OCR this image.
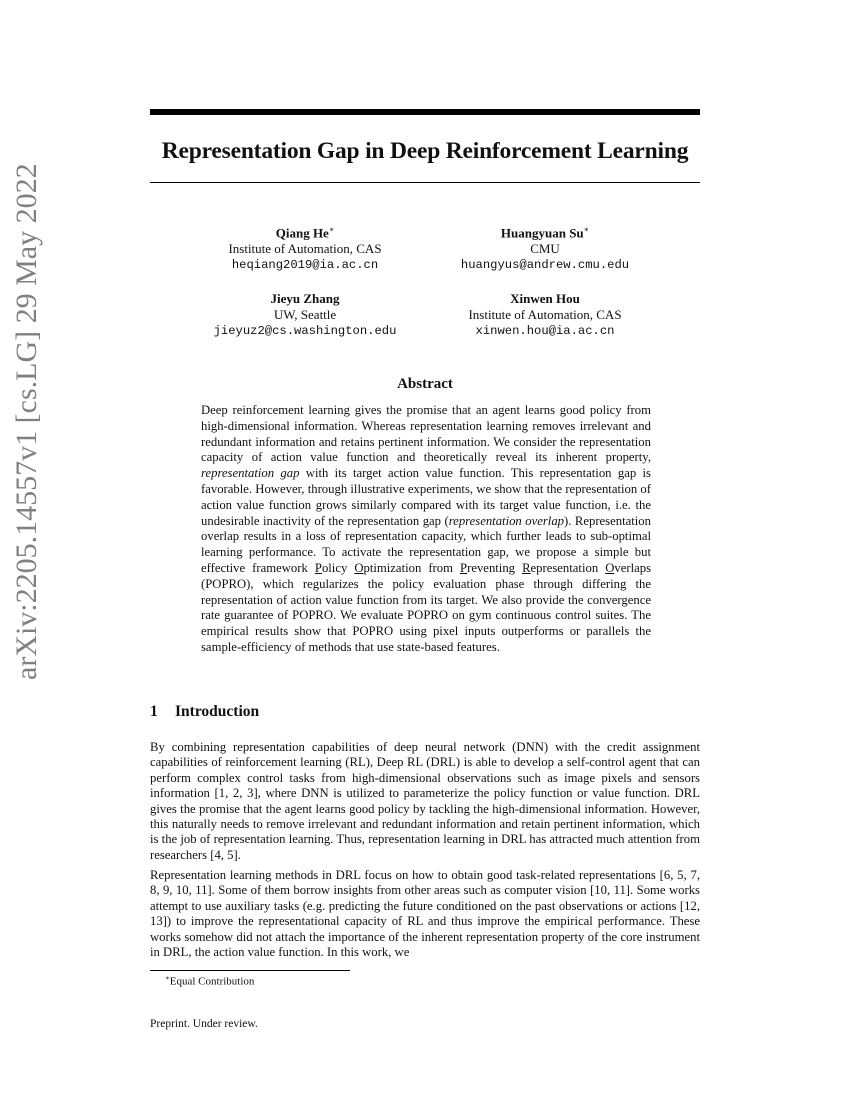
arXiv:2205.14557v1 [cs.LG] 29 May 2022
Representation Gap in Deep Reinforcement Learning
Qiang He∗
Institute of Automation, CAS
heqiang2019@ia.ac.cn
Huangyuan Su∗
CMU
huangyus@andrew.cmu.edu
Jieyu Zhang
UW, Seattle
jieyuz2@cs.washington.edu
Xinwen Hou
Institute of Automation, CAS
xinwen.hou@ia.ac.cn
Abstract

Deep reinforcement learning gives the promise that an agent learns good policy from high-dimensional information. Whereas representation learning removes irrelevant and redundant information and retains pertinent information. We consider the representation capacity of action value function and theoretically reveal its inherent property, representation gap with its target action value function. This representation gap is favorable. However, through illustrative experiments, we show that the representation of action value function grows similarly compared with its target value function, i.e. the undesirable inactivity of the representation gap (representation overlap). Representation overlap results in a loss of representation capacity, which further leads to sub-optimal learning performance. To activate the representation gap, we propose a simple but effective framework Policy Optimization from Preventing Representation Overlaps (POPRO), which regularizes the policy evaluation phase through differing the representation of action value function from its target. We also provide the convergence rate guarantee of POPRO. We evaluate POPRO on gym continuous control suites. The empirical results show that POPRO using pixel inputs outperforms or parallels the sample-efficiency of methods that use state-based features.

1 Introduction

By combining representation capabilities of deep neural network (DNN) with the credit assignment capabilities of reinforcement learning (RL), Deep RL (DRL) is able to develop a self-control agent that can perform complex control tasks from high-dimensional observations such as image pixels and sensors information [1, 2, 3], where DNN is utilized to parameterize the policy function or value function. DRL gives the promise that the agent learns good policy by tackling the high-dimensional information. However, this naturally needs to remove irrelevant and redundant information and retain pertinent information, which is the job of representation learning. Thus, representation learning in DRL has attracted much attention from researchers [4, 5].

Representation learning methods in DRL focus on how to obtain good task-related representations [6, 5, 7, 8, 9, 10, 11]. Some of them borrow insights from other areas such as computer vision [10, 11]. Some works attempt to use auxiliary tasks (e.g. predicting the future conditioned on the past observations or actions [12, 13]) to improve the representational capacity of RL and thus improve the empirical performance. These works somehow did not attach the importance of the inherent representation property of the core instrument in DRL, the action value function. In this work, we

∗Equal Contribution

Preprint. Under review.
